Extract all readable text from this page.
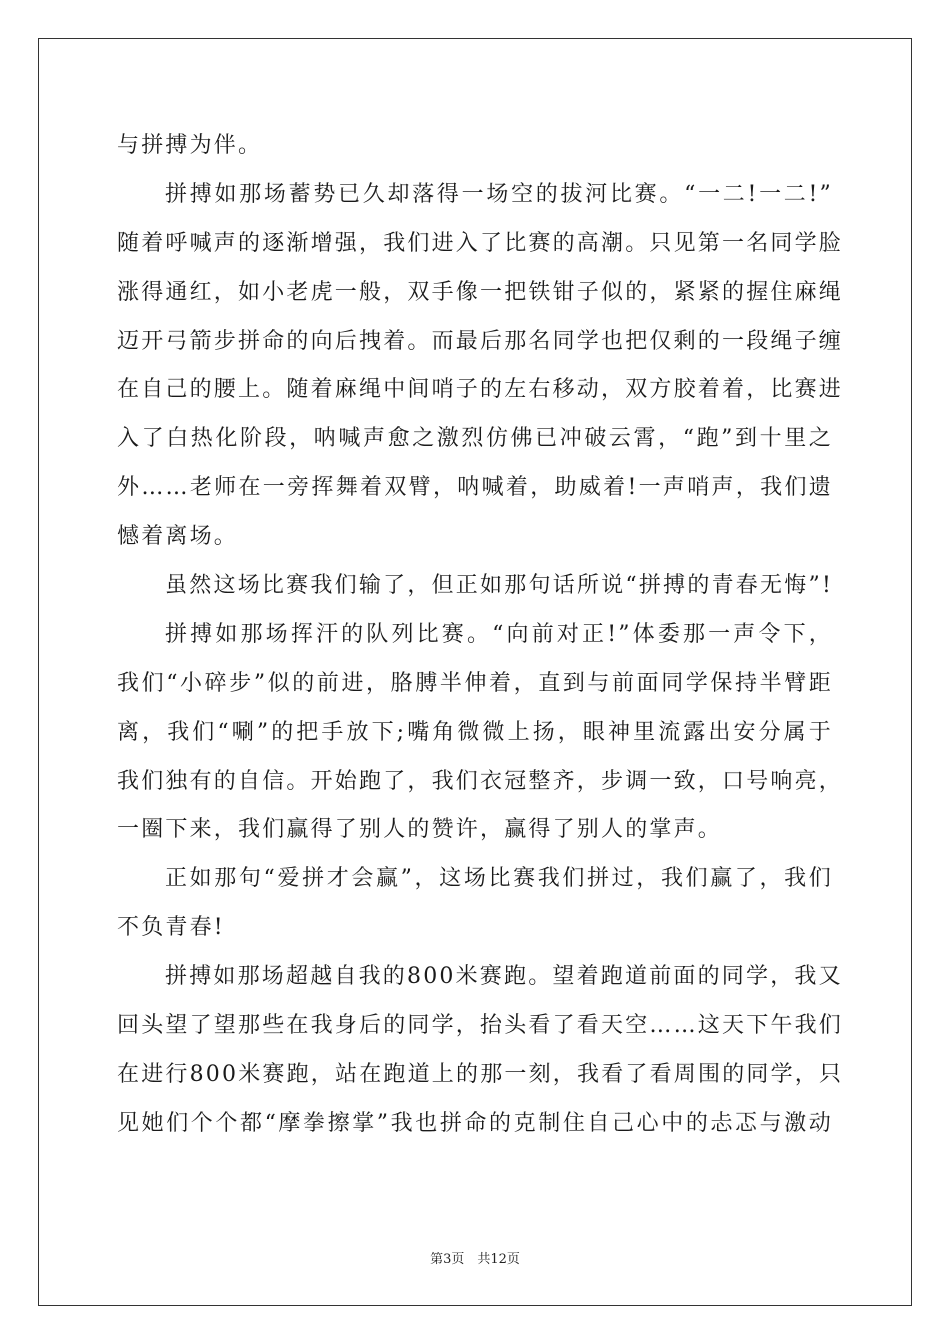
与拼搏为伴。
拼搏如那场蓄势已久却落得一场空的拔河比赛。“一二!一二!”
随着呼喊声的逐渐增强，我们进入了比赛的高潮。只见第一名同学脸
涨得通红，如小老虎一般，双手像一把铁钳子似的，紧紧的握住麻绳
迈开弓箭步拼命的向后拽着。而最后那名同学也把仅剩的一段绳子缠
在自己的腰上。随着麻绳中间哨子的左右移动，双方胶着着，比赛进
入了白热化阶段，呐喊声愈之激烈仿佛已冲破云霄，“跑”到十里之
外……老师在一旁挥舞着双臂，呐喊着，助威着!一声哨声，我们遗
憾着离场。
虽然这场比赛我们输了，但正如那句话所说“拼搏的青春无悔”!
拼搏如那场挥汗的队列比赛。“向前对正!”体委那一声令下，
我们“小碎步”似的前进，胳膊半伸着，直到与前面同学保持半臂距
离，我们“唰”的把手放下;嘴角微微上扬，眼神里流露出安分属于
我们独有的自信。开始跑了，我们衣冠整齐，步调一致，口号响亮，
一圈下来，我们赢得了别人的赞许，赢得了别人的掌声。
正如那句“爱拼才会赢”，这场比赛我们拼过，我们赢了，我们
不负青春!
拼搏如那场超越自我的800米赛跑。望着跑道前面的同学，我又
回头望了望那些在我身后的同学，抬头看了看天空……这天下午我们
在进行800米赛跑，站在跑道上的那一刻，我看了看周围的同学，只
见她们个个都“摩拳擦掌”我也拼命的克制住自己心中的忐忑与激动
第3页　共12页
